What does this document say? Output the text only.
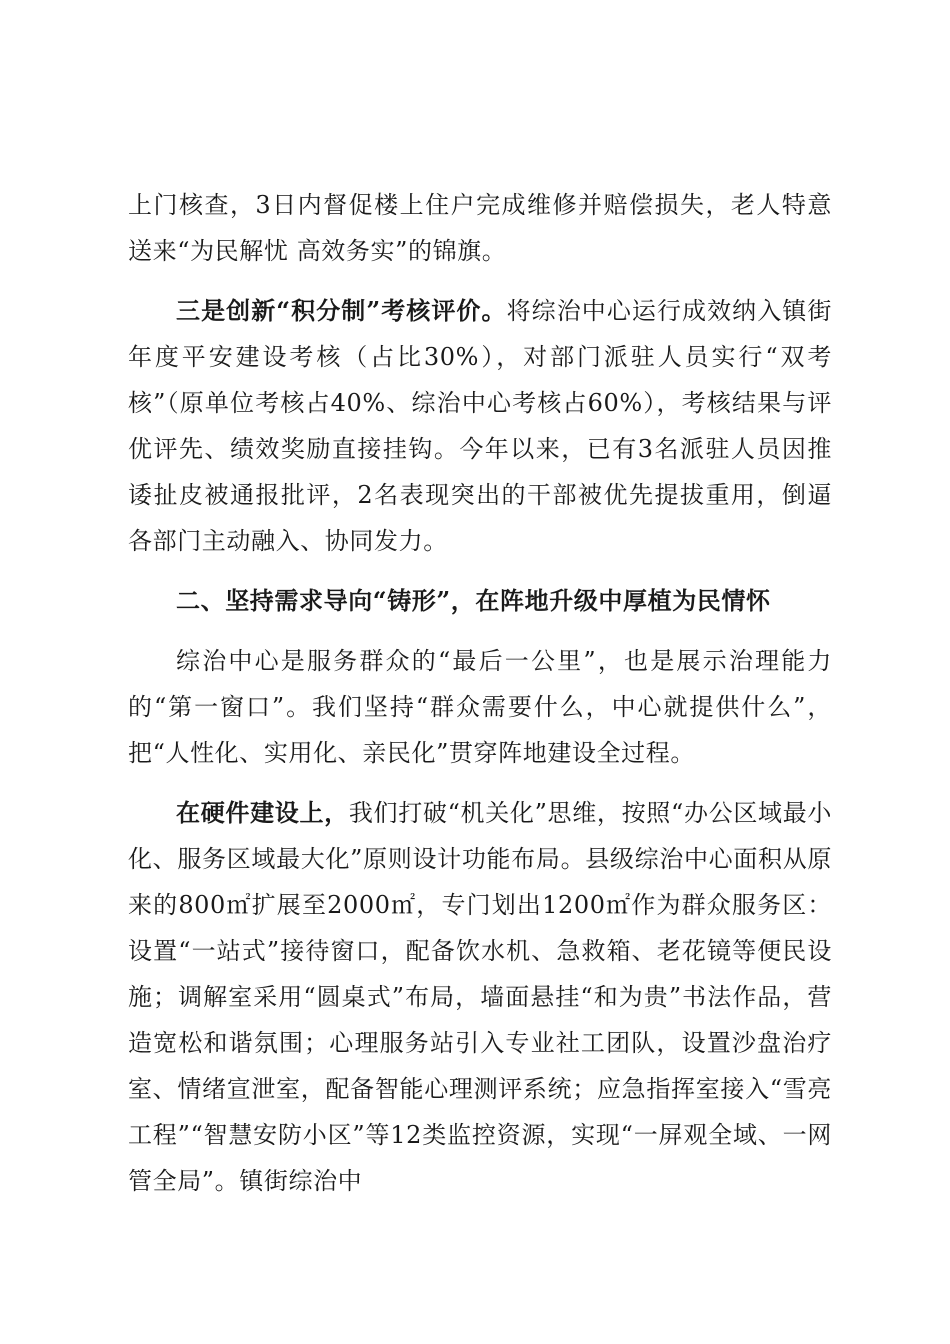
上门核查，3日内督促楼上住户完成维修并赔偿损失，老人特意送来“为民解忧 高效务实”的锦旗。

三是创新“积分制”考核评价。将综治中心运行成效纳入镇街年度平安建设考核（占比30%），对部门派驻人员实行“双考核”（原单位考核占40%、综治中心考核占60%），考核结果与评优评先、绩效奖励直接挂钩。今年以来，已有3名派驻人员因推诿扯皮被通报批评，2名表现突出的干部被优先提拔重用，倒逼各部门主动融入、协同发力。

二、坚持需求导向“铸形”，在阵地升级中厚植为民情怀

综治中心是服务群众的“最后一公里”，也是展示治理能力的“第一窗口”。我们坚持“群众需要什么，中心就提供什么”，把“人性化、实用化、亲民化”贯穿阵地建设全过程。

在硬件建设上，我们打破“机关化”思维，按照“办公区域最小化、服务区域最大化”原则设计功能布局。县级综治中心面积从原来的800㎡扩展至2000㎡，专门划出1200㎡作为群众服务区：设置“一站式”接待窗口，配备饮水机、急救箱、老花镜等便民设施；调解室采用“圆桌式”布局，墙面悬挂“和为贵”书法作品，营造宽松和谐氛围；心理服务站引入专业社工团队，设置沙盘治疗室、情绪宣泄室，配备智能心理测评系统；应急指挥室接入“雪亮工程”“智慧安防小区”等12类监控资源，实现“一屏观全域、一网管全局”。镇街综治中
